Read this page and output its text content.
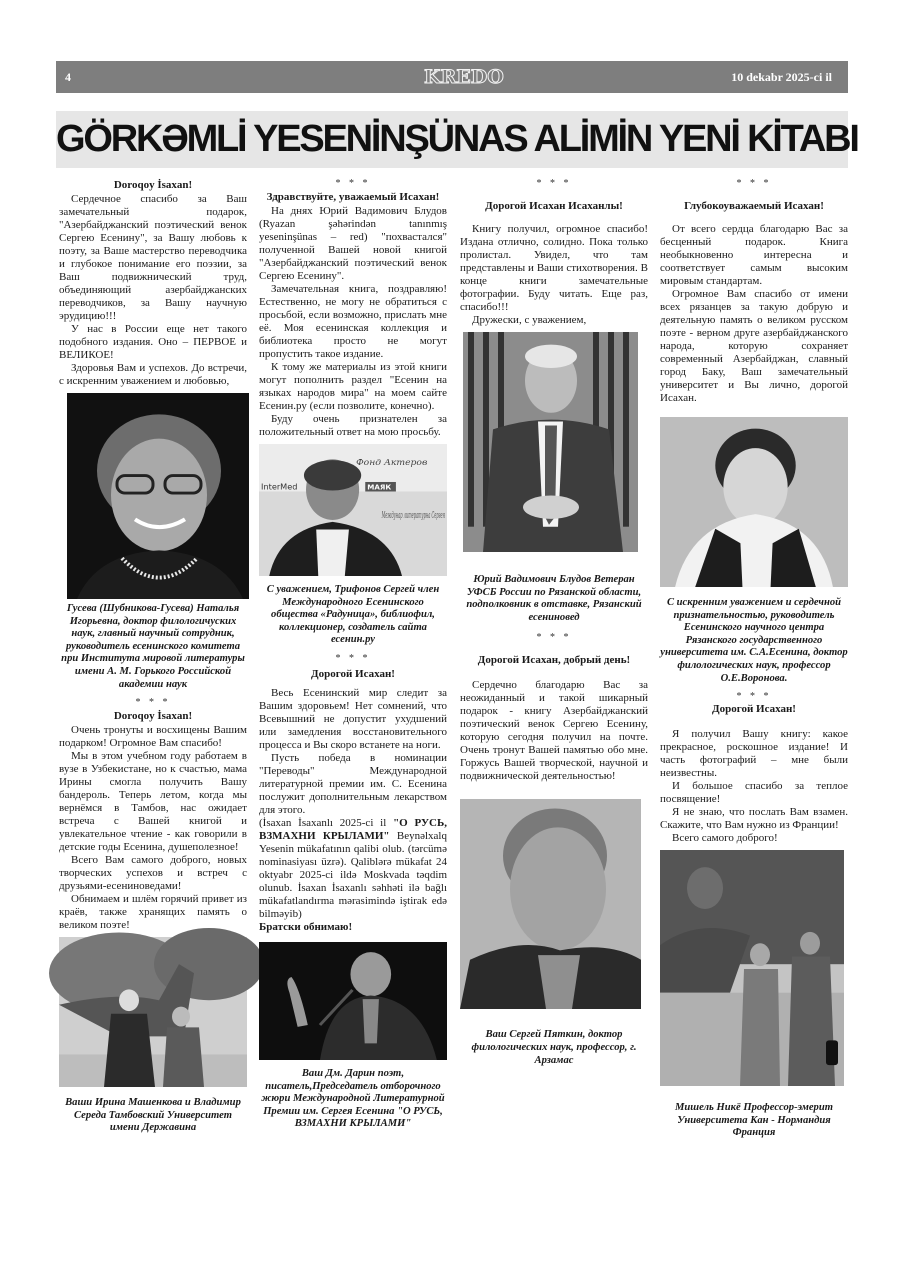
4	KREDO	10 dekabr 2025-ci il
GÖRKƏMLİ YESENİNŞÜNAS ALİMİN YENİ KİTABI
Doroqoy İsaxan!
Сердечное спасибо за Ваш замечательный подарок, "Азербайджанский поэтический венок Сергею Есенину", за Вашу любовь к поэту, за Ваше мастерство переводчика и глубокое понимание его поэзии, за Ваш подвижнический труд, объединяющий азербайджанских переводчиков, за Вашу научную эрудицию!!!
У нас в России еще нет такого подобного издания. Оно – ПЕРВОЕ и ВЕЛИКОЕ!
Здоровья Вам и успехов. До встречи, с искренним уважением и любовью,
Гусева (Шубникова-Гусева) Наталья Игорьевна, доктор филологичуских наук, главный научный сотрудник, руководитель есенинского комитета при Института мировой литературы имени А. М. Горького Российской академии наук
* * *
Doroqoy İsaxan!
Очень тронуты и восхищены Вашим подарком! Огромное Вам спасибо!
Мы в этом учебном году работаем в вузе в Узбекистане, но к счастью, мама Ирины смогла получить Вашу бандероль. Теперь летом, когда мы вернёмся в Тамбов, нас ожидает встреча с Вашей книгой и увлекательное чтение - как говорили в детские годы Есенина, душеполезное!
Всего Вам самого доброго, новых творческих успехов и встреч с друзьями-есениноведами!
Обнимаем и шлём горячий привет из краёв, также хранящих память о великом поэте!
Ваши Ирина Машенкова и Владимир Середа Тамбовский Университет имени Державина
* * *
Здравствуйте, уважаемый Исахан!
На днях Юрий Вадимович Блудов (Ryazan şəhərindən tanınmış yeseninşünas – red) "похвастался" полученной Вашей новой книгой "Азербайджанский поэтический венок Сергею Есенину".
Замечательная книга, поздравляю! Естественно, не могу не обратиться с просьбой, если возможно, прислать мне её. Моя есенинская коллекция и библиотека просто не могут пропустить такое издание.
К тому же материалы из этой книги могут пополнить раздел "Есенин на языках народов мира" на моем сайте Есенин.ру (если позволите, конечно).
Буду очень признателен за положительный ответ на мою просьбу.
МАЯК
InterMed
Фонд Актеров
Междунар литературна Сергея
С уважением, Трифонов Сергей член Международного Есенинского общества «Радуница», библиофил, коллекционер, создатель сайта есенин.ру
* * *
Дорогой Исахан!
Весь Есенинский мир следит за Вашим здоровьем! Нет сомнений, что Всевышний не допустит ухудшений или замедления восстановительного процесса и Вы скоро встанете на ноги.
Пусть победа в номинации "Переводы" Международной литературной премии им. С. Есенина послужит дополнительным лекарством для этого.
(İsaxan İsaxanlı 2025-ci il "О РУСЬ, ВЗМАХНИ КРЫЛАМИ" Beynəlxalq Yesenin mükafatının qalibi olub. (tərcümə nominasiyası üzrə). Qaliblərə mükafat 24 oktyabr 2025-ci ildə Moskvada təqdim olunub. İsaxan İsaxanlı səhhəti ilə bağlı mükafatlandırma mərasimində iştirak edə bilməyib)
Братски обнимаю!
Ваш Дм. Дарин поэт, писатель,Председатель отборочного жюри Международной Литературной Премии им. Сергея Есенина "О РУСЬ, ВЗМАХНИ КРЫЛАМИ"
* * *
Дорогой Исахан Исаханлы!
Книгу получил, огромное спасибо! Издана отлично, солидно. Пока только пролистал. Увидел, что там представлены и Ваши стихотворения. В конце книги замечательные фотографии. Буду читать. Еще раз, спасибо!!!
Дружески, с уважением,
Юрий Вадимович Блудов Ветеран УФСБ России по Рязанской области, подполковник в отставке, Рязанский есениновед
* * *
Дорогой Исахан, добрый день!
Сердечно благодарю Вас за неожиданный и такой шикарный подарок - книгу Азербайджанский поэтический венок Сергею Есенину, которую сегодня получил на почте. Очень тронут Вашей памятью обо мне. Горжусь Вашей творческой, научной и подвижнической деятельностью!
Ваш Сергей Пяткин, доктор филологических наук, профессор, г. Арзамас
* * *
Глубокоуважаемый Исахан!
От всего сердца благодарю Вас за бесценный подарок. Книга необыкновенно интересна и соответствует самым высоким мировым стандартам.
Огромное Вам спасибо от имени всех рязанцев за такую добрую и деятельную память о великом русском поэте - верном друге азербайджанского народа, которую сохраняет современный Азербайджан, славный город Баку, Ваш замечательный университет и Вы лично, дорогой Исахан.
С искренним уважением и сердечной признательностью, руководитель Есенинского научного центра Рязанского государственного университета им. С.А.Есенина, доктор филологических наук, профессор О.Е.Воронова.
* * *
Дорогой Исахан!
Я получил Вашу книгу: какое прекрасное, роскошное издание! И часть фотографий – мне были неизвестны.
И большое спасибо за теплое посвящение!
Я не знаю, что послать Вам взамен. Скажите, что Вам нужно из Франции!
Всего самого доброго!
Мишель Никё Профессор-эмерит Университета Кан - Нормандия Франция
